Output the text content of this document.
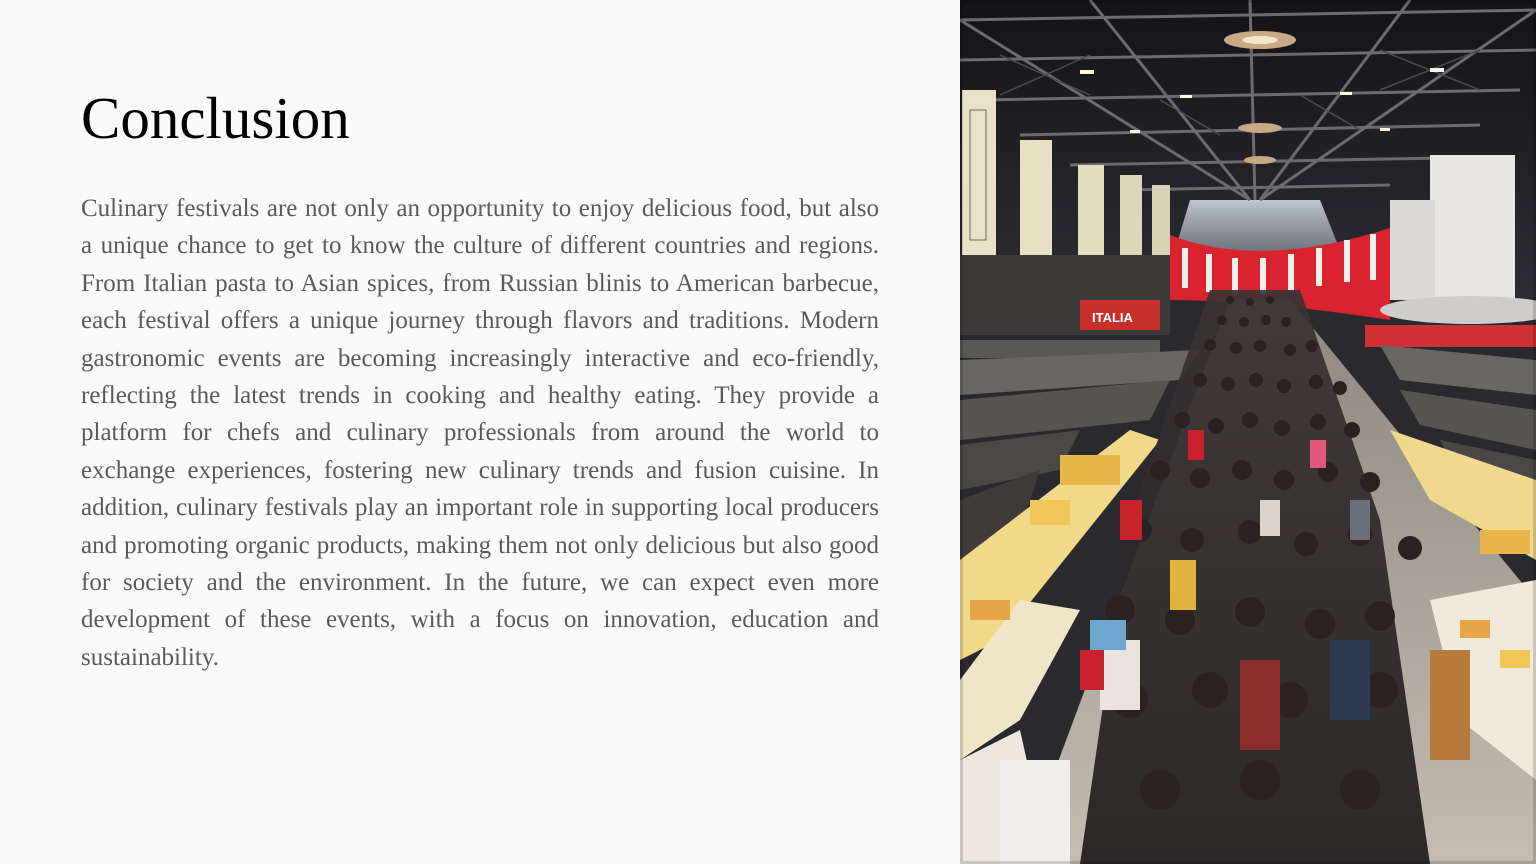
Conclusion

Culinary festivals are not only an opportunity to enjoy delicious food, but also a unique chance to get to know the culture of different countries and regions. From Italian pasta to Asian spices, from Russian blinis to American barbecue, each festival offers a unique journey through flavors and traditions. Modern gastronomic events are becoming increasingly interactive and eco-friendly, reflecting the latest trends in cooking and healthy eating. They provide a platform for chefs and culinary professionals from around the world to exchange experiences, fostering new culinary trends and fusion cuisine. In addition, culinary festivals play an important role in supporting local producers and promoting organic products, making them not only delicious but also good for society and the environment. In the future, we can expect even more development of these events, with a focus on innovation, education and sustainability.

ITALIA
